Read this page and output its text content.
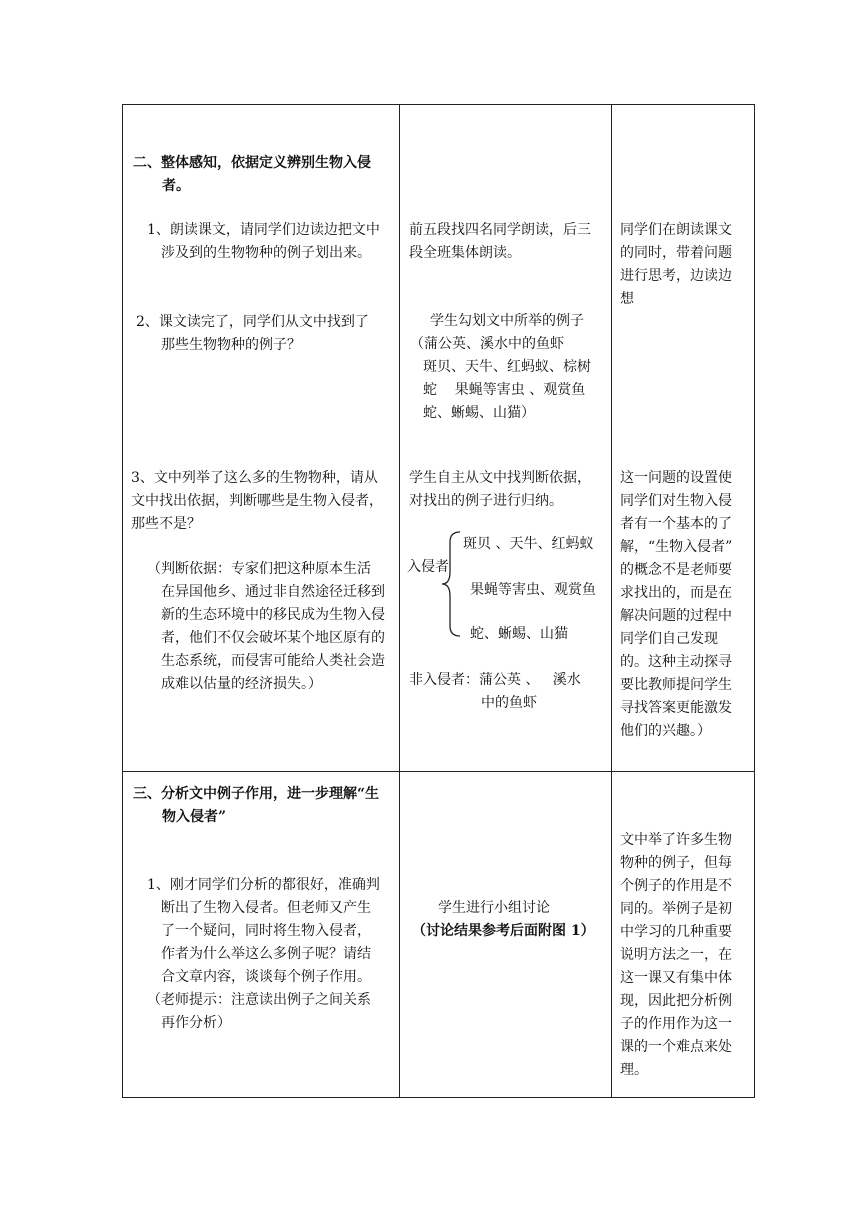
二、整体感知，依据定义辨别生物入侵
者。
1、朗读课文，请同学们边读边把文中
涉及到的生物物种的例子划出来。
2、课文读完了，同学们从文中找到了
那些生物物种的例子？
3、文中列举了这么多的生物物种，请从
文中找出依据，判断哪些是生物入侵者，
那些不是？
（判断依据：专家们把这种原本生活
在异国他乡、通过非自然途径迁移到
新的生态环境中的移民成为生物入侵
者，他们不仅会破坏某个地区原有的
生态系统，而侵害可能给人类社会造
成难以估量的经济损失。）
前五段找四名同学朗读，后三
段全班集体朗读。
学生勾划文中所举的例子
（蒲公英、溪水中的鱼虾
斑贝、天牛、红蚂蚁、棕树
蛇    果蝇等害虫 、观赏鱼
蛇、蜥蜴、山猫）
学生自主从文中找判断依据，
对找出的例子进行归纳。
入侵者
斑贝 、天牛、红蚂蚁
果蝇等害虫、观赏鱼
蛇、蜥蜴、山猫
非入侵者：蒲公英 、   溪水
中的鱼虾
同学们在朗读课文
的同时，带着问题
进行思考，边读边
想
这一问题的设置使
同学们对生物入侵
者有一个基本的了
解，“生物入侵者”
的概念不是老师要
求找出的，而是在
解决问题的过程中
同学们自己发现
的。这种主动探寻
要比教师提问学生
寻找答案更能激发
他们的兴趣。）
三、分析文中例子作用，进一步理解“生
物入侵者”
1、刚才同学们分析的都很好，准确判
断出了生物入侵者。但老师又产生
了一个疑问，同时将生物入侵者，
作者为什么举这么多例子呢？请结
合文章内容，谈谈每个例子作用。
（老师提示：注意读出例子之间关系
再作分析）
学生进行小组讨论
（讨论结果参考后面附图 1）
文中举了许多生物
物种的例子，但每
个例子的作用是不
同的。举例子是初
中学习的几种重要
说明方法之一，在
这一课又有集中体
现，因此把分析例
子的作用作为这一
课的一个难点来处
理。
